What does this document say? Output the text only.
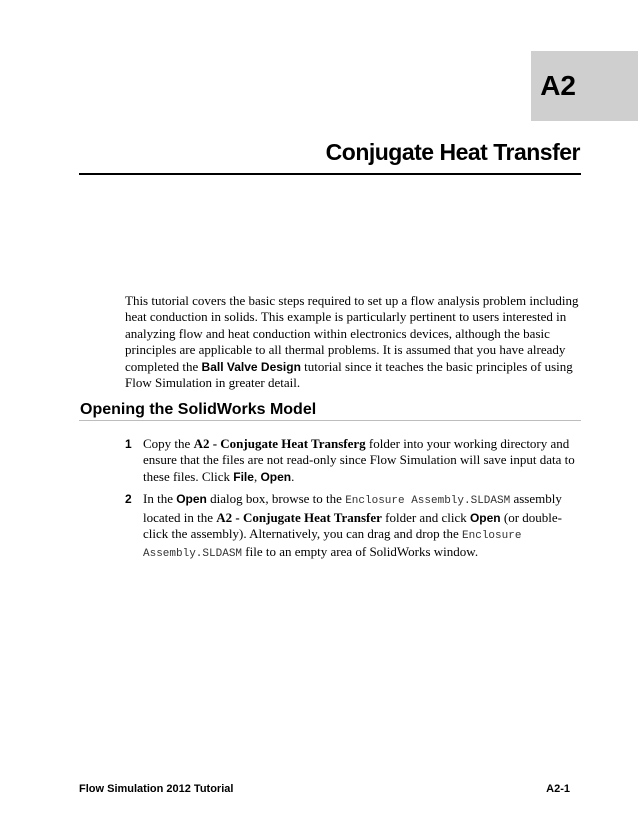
A2
Conjugate Heat Transfer

This tutorial covers the basic steps required to set up a flow analysis problem including heat conduction in solids. This example is particularly pertinent to users interested in analyzing flow and heat conduction within electronics devices, although the basic principles are applicable to all thermal problems. It is assumed that you have already completed the Ball Valve Design tutorial since it teaches the basic principles of using Flow Simulation in greater detail.

Opening the SolidWorks Model
1 Copy the A2 - Conjugate Heat Transferg folder into your working directory and ensure that the files are not read-only since Flow Simulation will save input data to these files. Click File, Open.
2 In the Open dialog box, browse to the Enclosure Assembly.SLDASM assembly located in the A2 - Conjugate Heat Transfer folder and click Open (or double-click the assembly). Alternatively, you can drag and drop the Enclosure Assembly.SLDASM file to an empty area of SolidWorks window.
Flow Simulation 2012 Tutorial	A2-1
